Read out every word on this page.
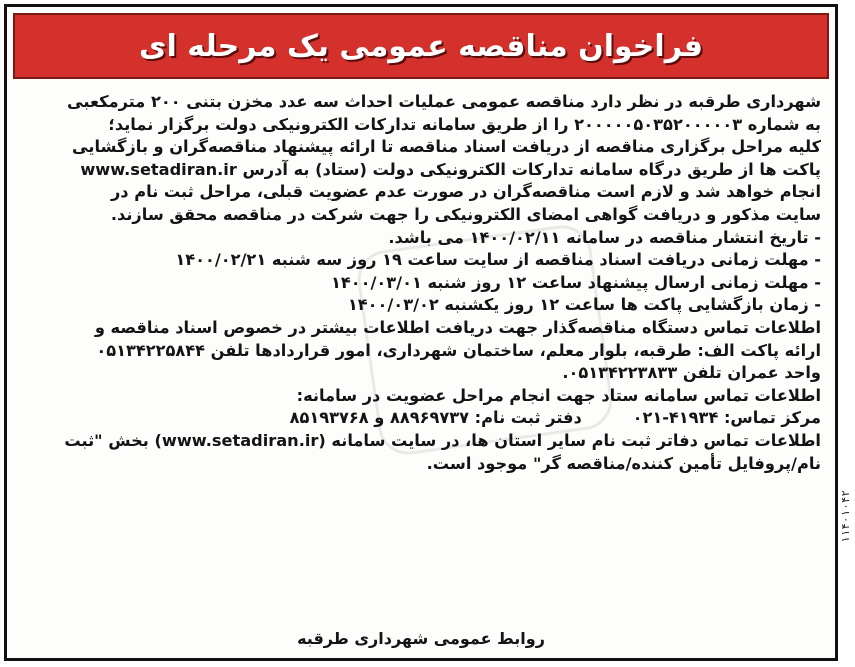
فراخوان مناقصه عمومی یک مرحله ای

شهرداری طرقبه در نظر دارد مناقصه عمومی عملیات احداث سه عدد مخزن بتنی ۲۰۰ مترمکعبی
به شماره ۲۰۰۰۰۰۵۰۳۵۲۰۰۰۰۰۳ را از طریق سامانه تدارکات الکترونیکی دولت برگزار نماید؛
کلیه مراحل برگزاری مناقصه از دریافت اسناد مناقصه تا ارائه پیشنهاد مناقصه‌گران و بازگشایی
پاکت ها از طریق درگاه سامانه تدارکات الکترونیکی دولت (ستاد) به آدرس www.setadiran.ir
انجام خواهد شد و لازم است مناقصه‌گران در صورت عدم عضویت قبلی، مراحل ثبت نام در
سایت مذکور و دریافت گواهی امضای الکترونیکی را جهت شرکت در مناقصه محقق سازند.

- تاریخ انتشار مناقصه در سامانه ۱۴۰۰/۰۲/۱۱ می باشد.
- مهلت زمانی دریافت اسناد مناقصه از سایت ساعت ۱۹ روز سه شنبه ۱۴۰۰/۰۲/۲۱
- مهلت زمانی ارسال پیشنهاد ساعت ۱۲ روز شنبه ۱۴۰۰/۰۳/۰۱
- زمان بازگشایی پاکت ها ساعت ۱۲ روز یکشنبه ۱۴۰۰/۰۳/۰۲

اطلاعات تماس دستگاه مناقصه‌گذار جهت دریافت اطلاعات بیشتر در خصوص اسناد مناقصه و
ارائه پاکت الف: طرقبه، بلوار معلم، ساختمان شهرداری، امور قراردادها تلفن ۰۵۱۳۴۲۲۵۸۴۴
واحد عمران تلفن ۰۵۱۳۴۲۲۳۸۳۳.
اطلاعات تماس سامانه ستاد جهت انجام مراحل عضویت در سامانه:
مرکز تماس: ۴۱۹۳۴-۰۲۱         دفتر ثبت نام: ۸۸۹۶۹۷۳۷ و ۸۵۱۹۳۷۶۸
اطلاعات تماس دفاتر ثبت نام سایر استان ها، در سایت سامانه (www.setadiran.ir) بخش "ثبت
نام/پروفایل تأمین کننده/مناقصه گر" موجود است.

روابط عمومی شهرداری طرقبه
۱۱۴۰۱۰۴۲
